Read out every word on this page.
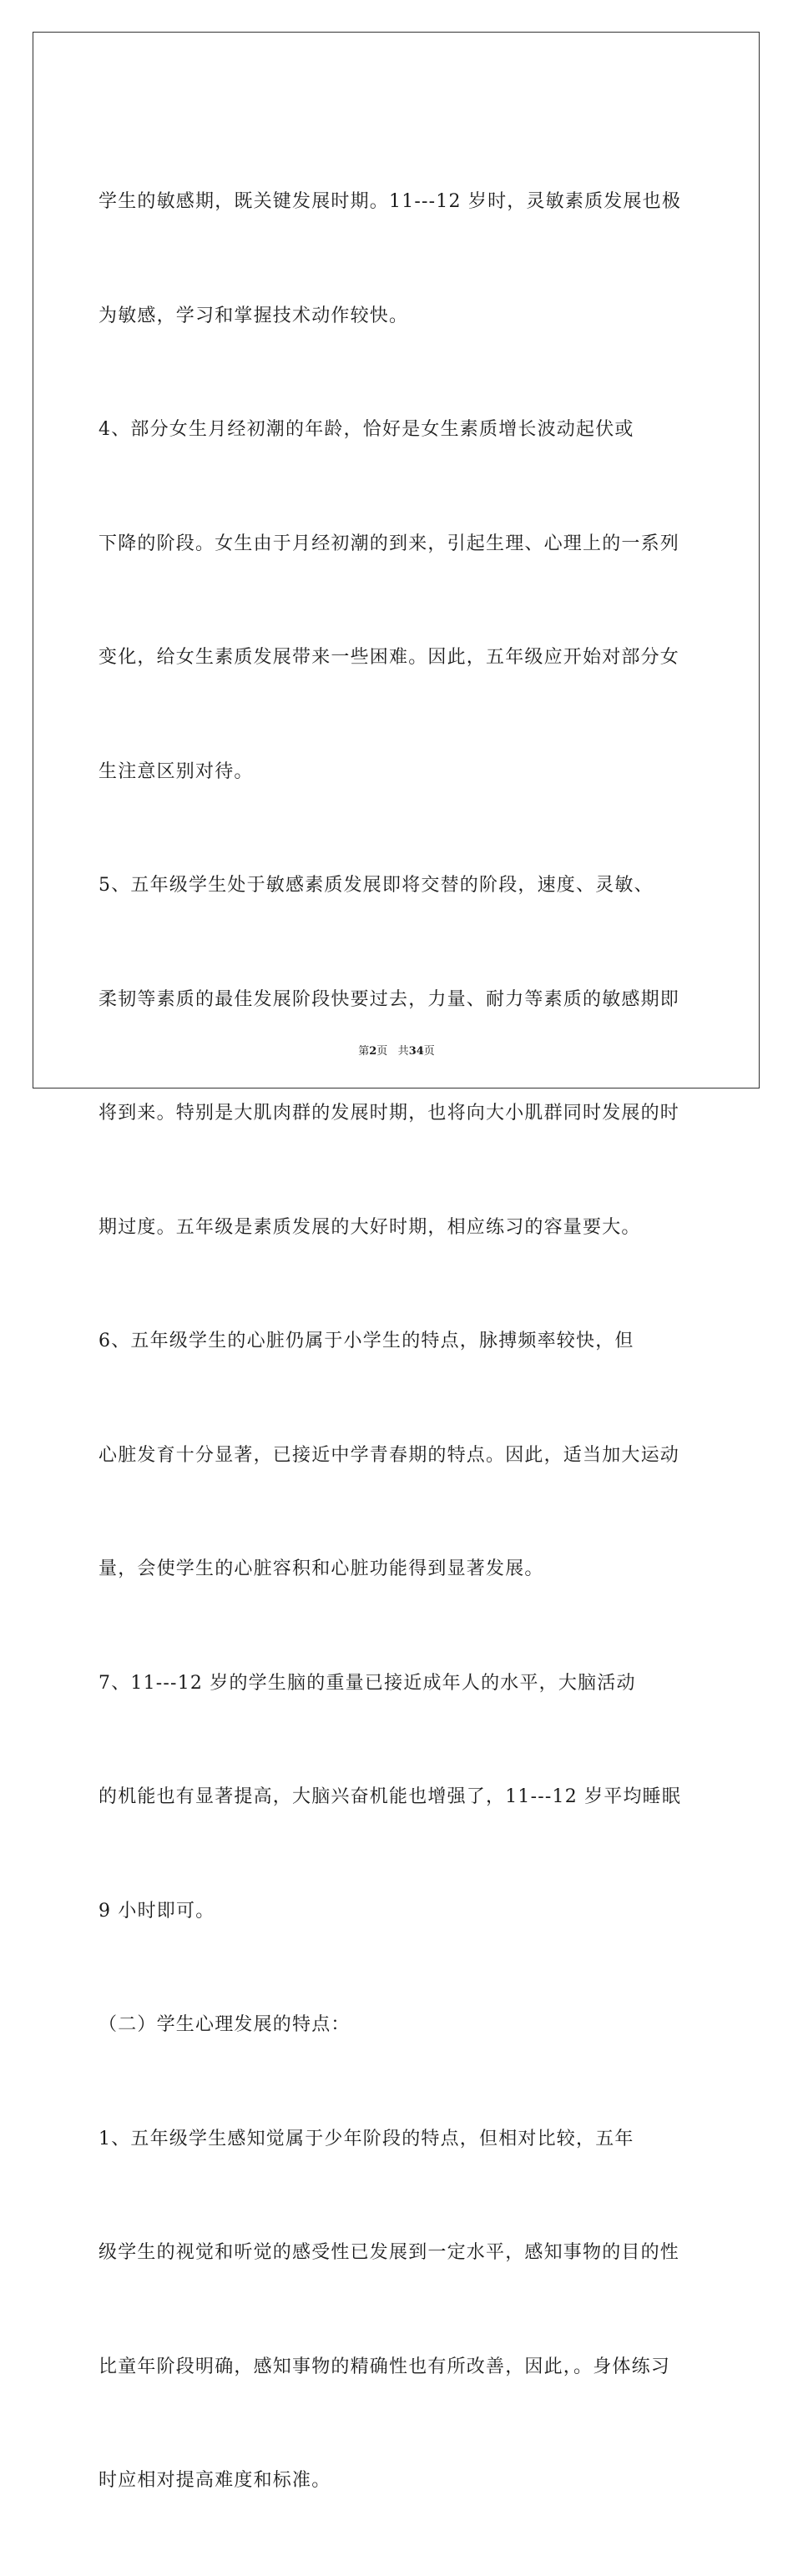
学生的敏感期，既关键发展时期。11---12 岁时，灵敏素质发展也极

为敏感，学习和掌握技术动作较快。

4、部分女生月经初潮的年龄，恰好是女生素质增长波动起伏或

下降的阶段。女生由于月经初潮的到来，引起生理、心理上的一系列

变化，给女生素质发展带来一些困难。因此，五年级应开始对部分女

生注意区别对待。

5、五年级学生处于敏感素质发展即将交替的阶段，速度、灵敏、

柔韧等素质的最佳发展阶段快要过去，力量、耐力等素质的敏感期即

将到来。特别是大肌肉群的发展时期，也将向大小肌群同时发展的时

期过度。五年级是素质发展的大好时期，相应练习的容量要大。

6、五年级学生的心脏仍属于小学生的特点，脉搏频率较快，但

心脏发育十分显著，已接近中学青春期的特点。因此，适当加大运动

量，会使学生的心脏容积和心脏功能得到显著发展。

7、11---12 岁的学生脑的重量已接近成年人的水平，大脑活动

的机能也有显著提高，大脑兴奋机能也增强了，11---12 岁平均睡眠

9 小时即可。

（二）学生心理发展的特点：

1、五年级学生感知觉属于少年阶段的特点，但相对比较，五年

级学生的视觉和听觉的感受性已发展到一定水平，感知事物的目的性

比童年阶段明确，感知事物的精确性也有所改善，因此，。身体练习

时应相对提高难度和标准。

第2页 共34页
